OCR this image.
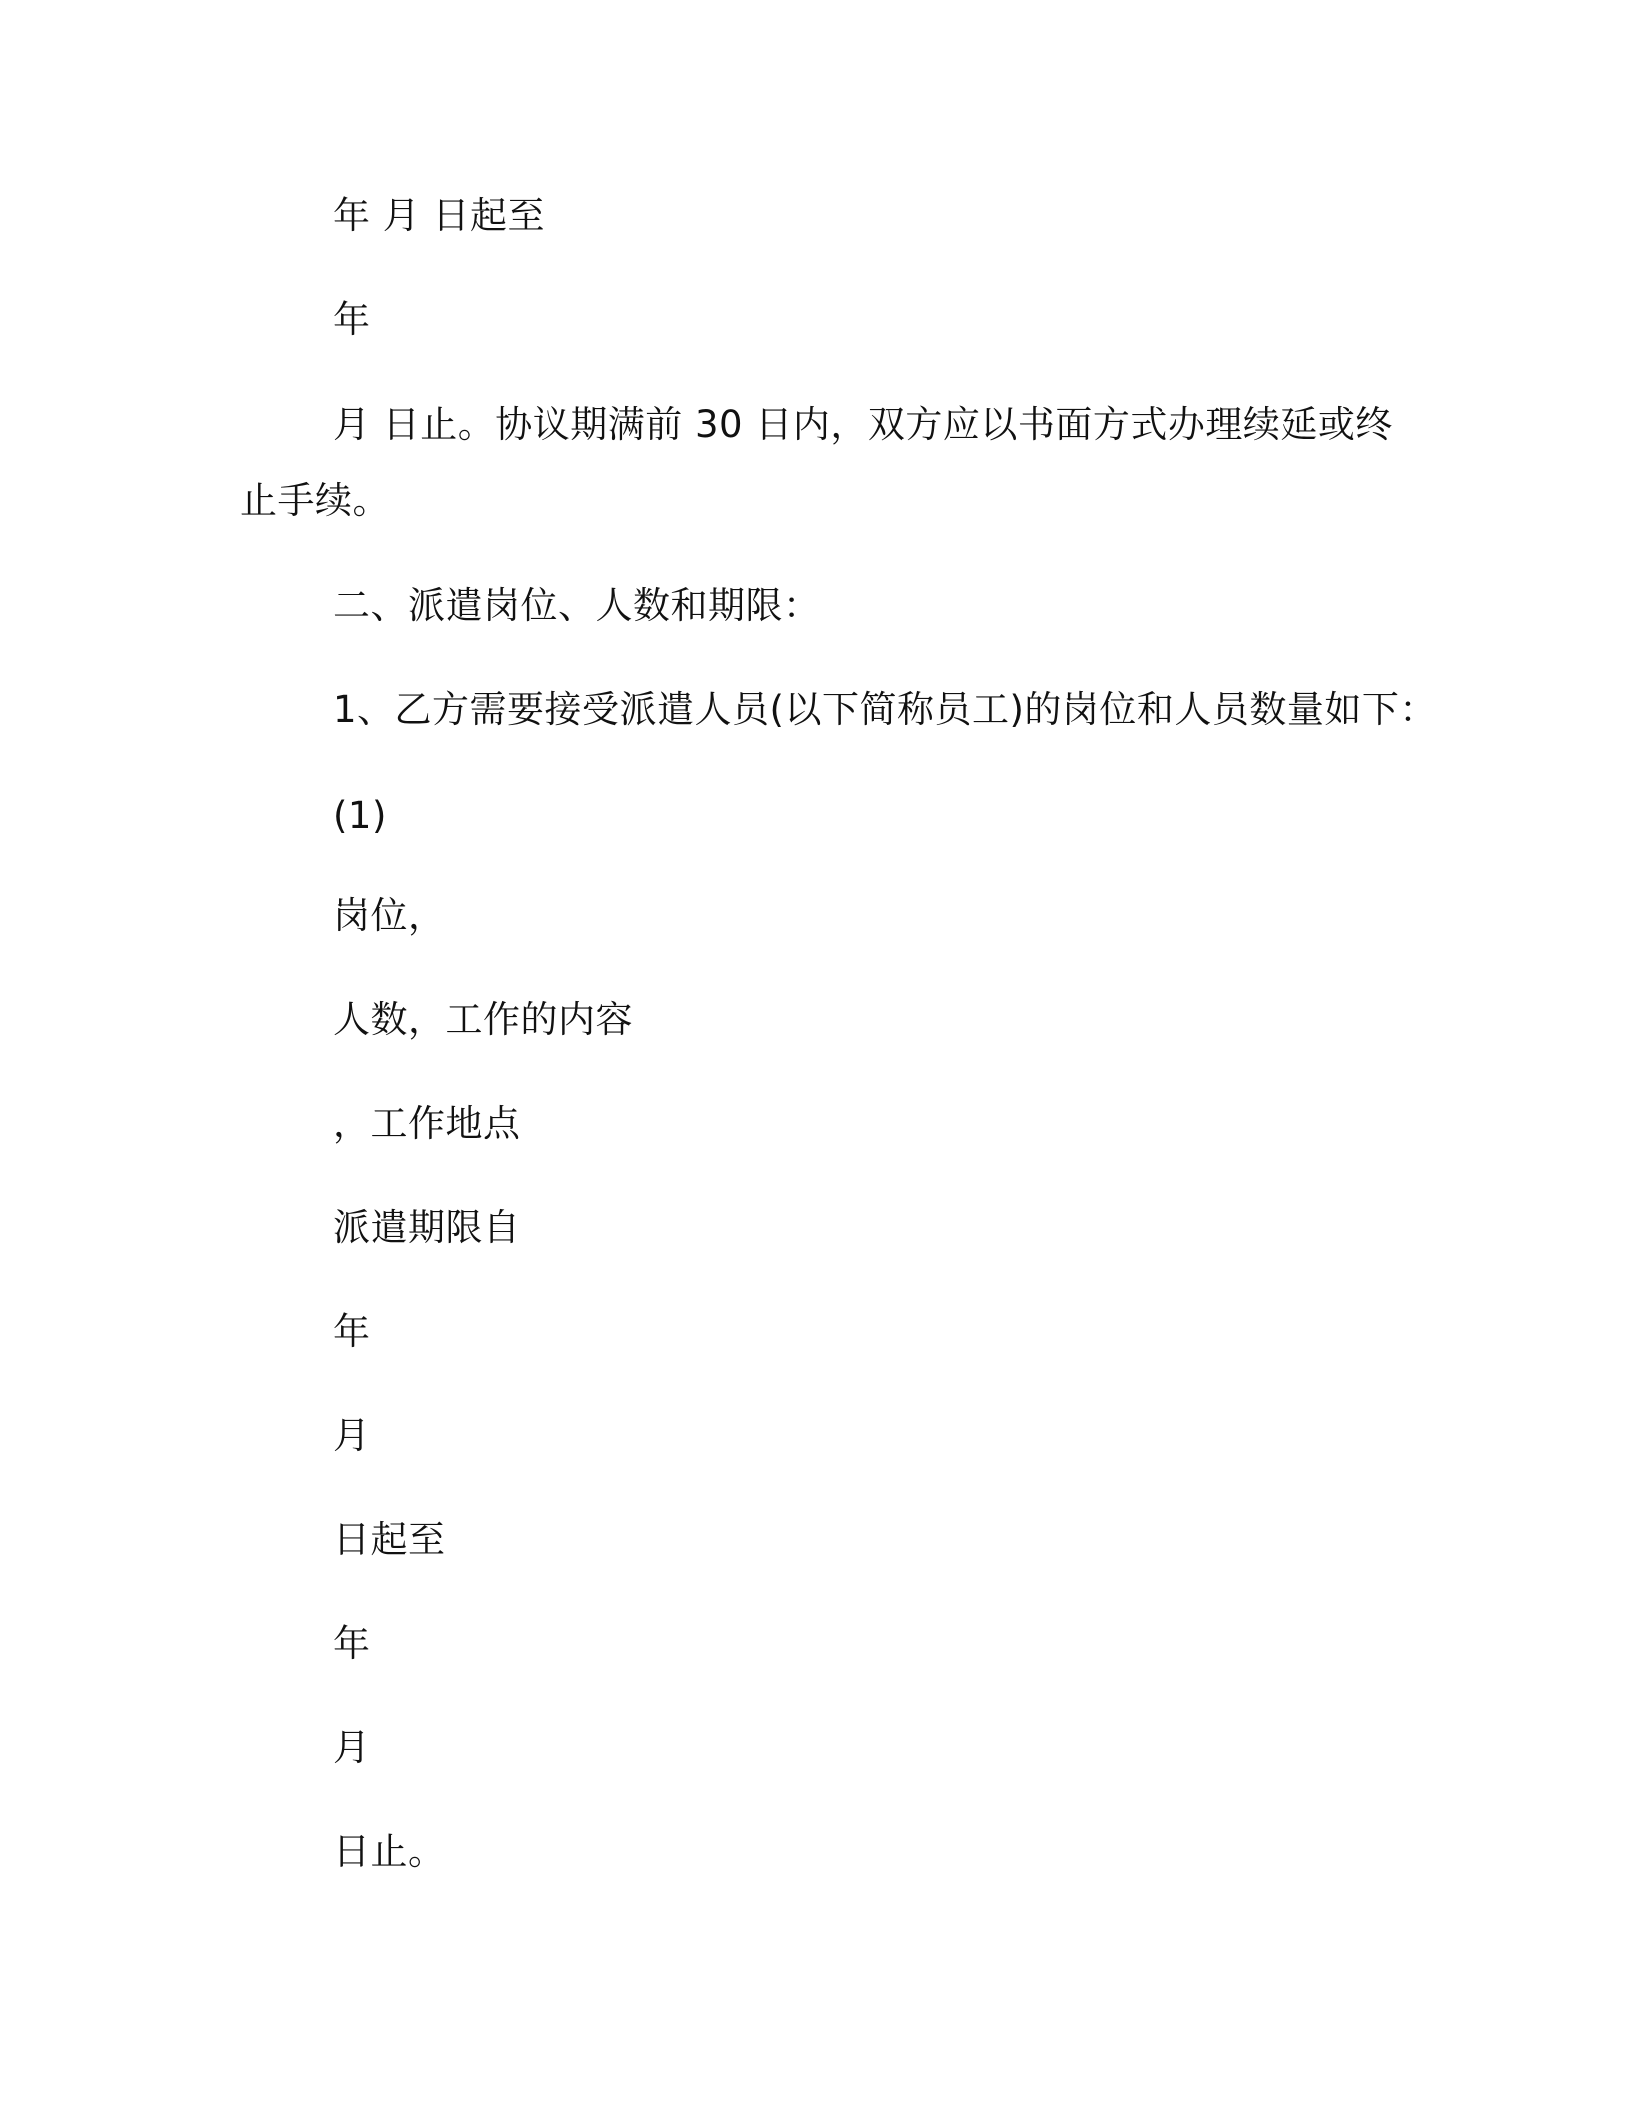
年 月 日起至
年
月 日止。协议期满前 30 日内，双方应以书面方式办理续延或终止手续。
二、派遣岗位、人数和期限：
1、乙方需要接受派遣人员(以下简称员工)的岗位和人员数量如下：
(1)
岗位，
人数，工作的内容
，工作地点
派遣期限自
年
月
日起至
年
月
日止。
